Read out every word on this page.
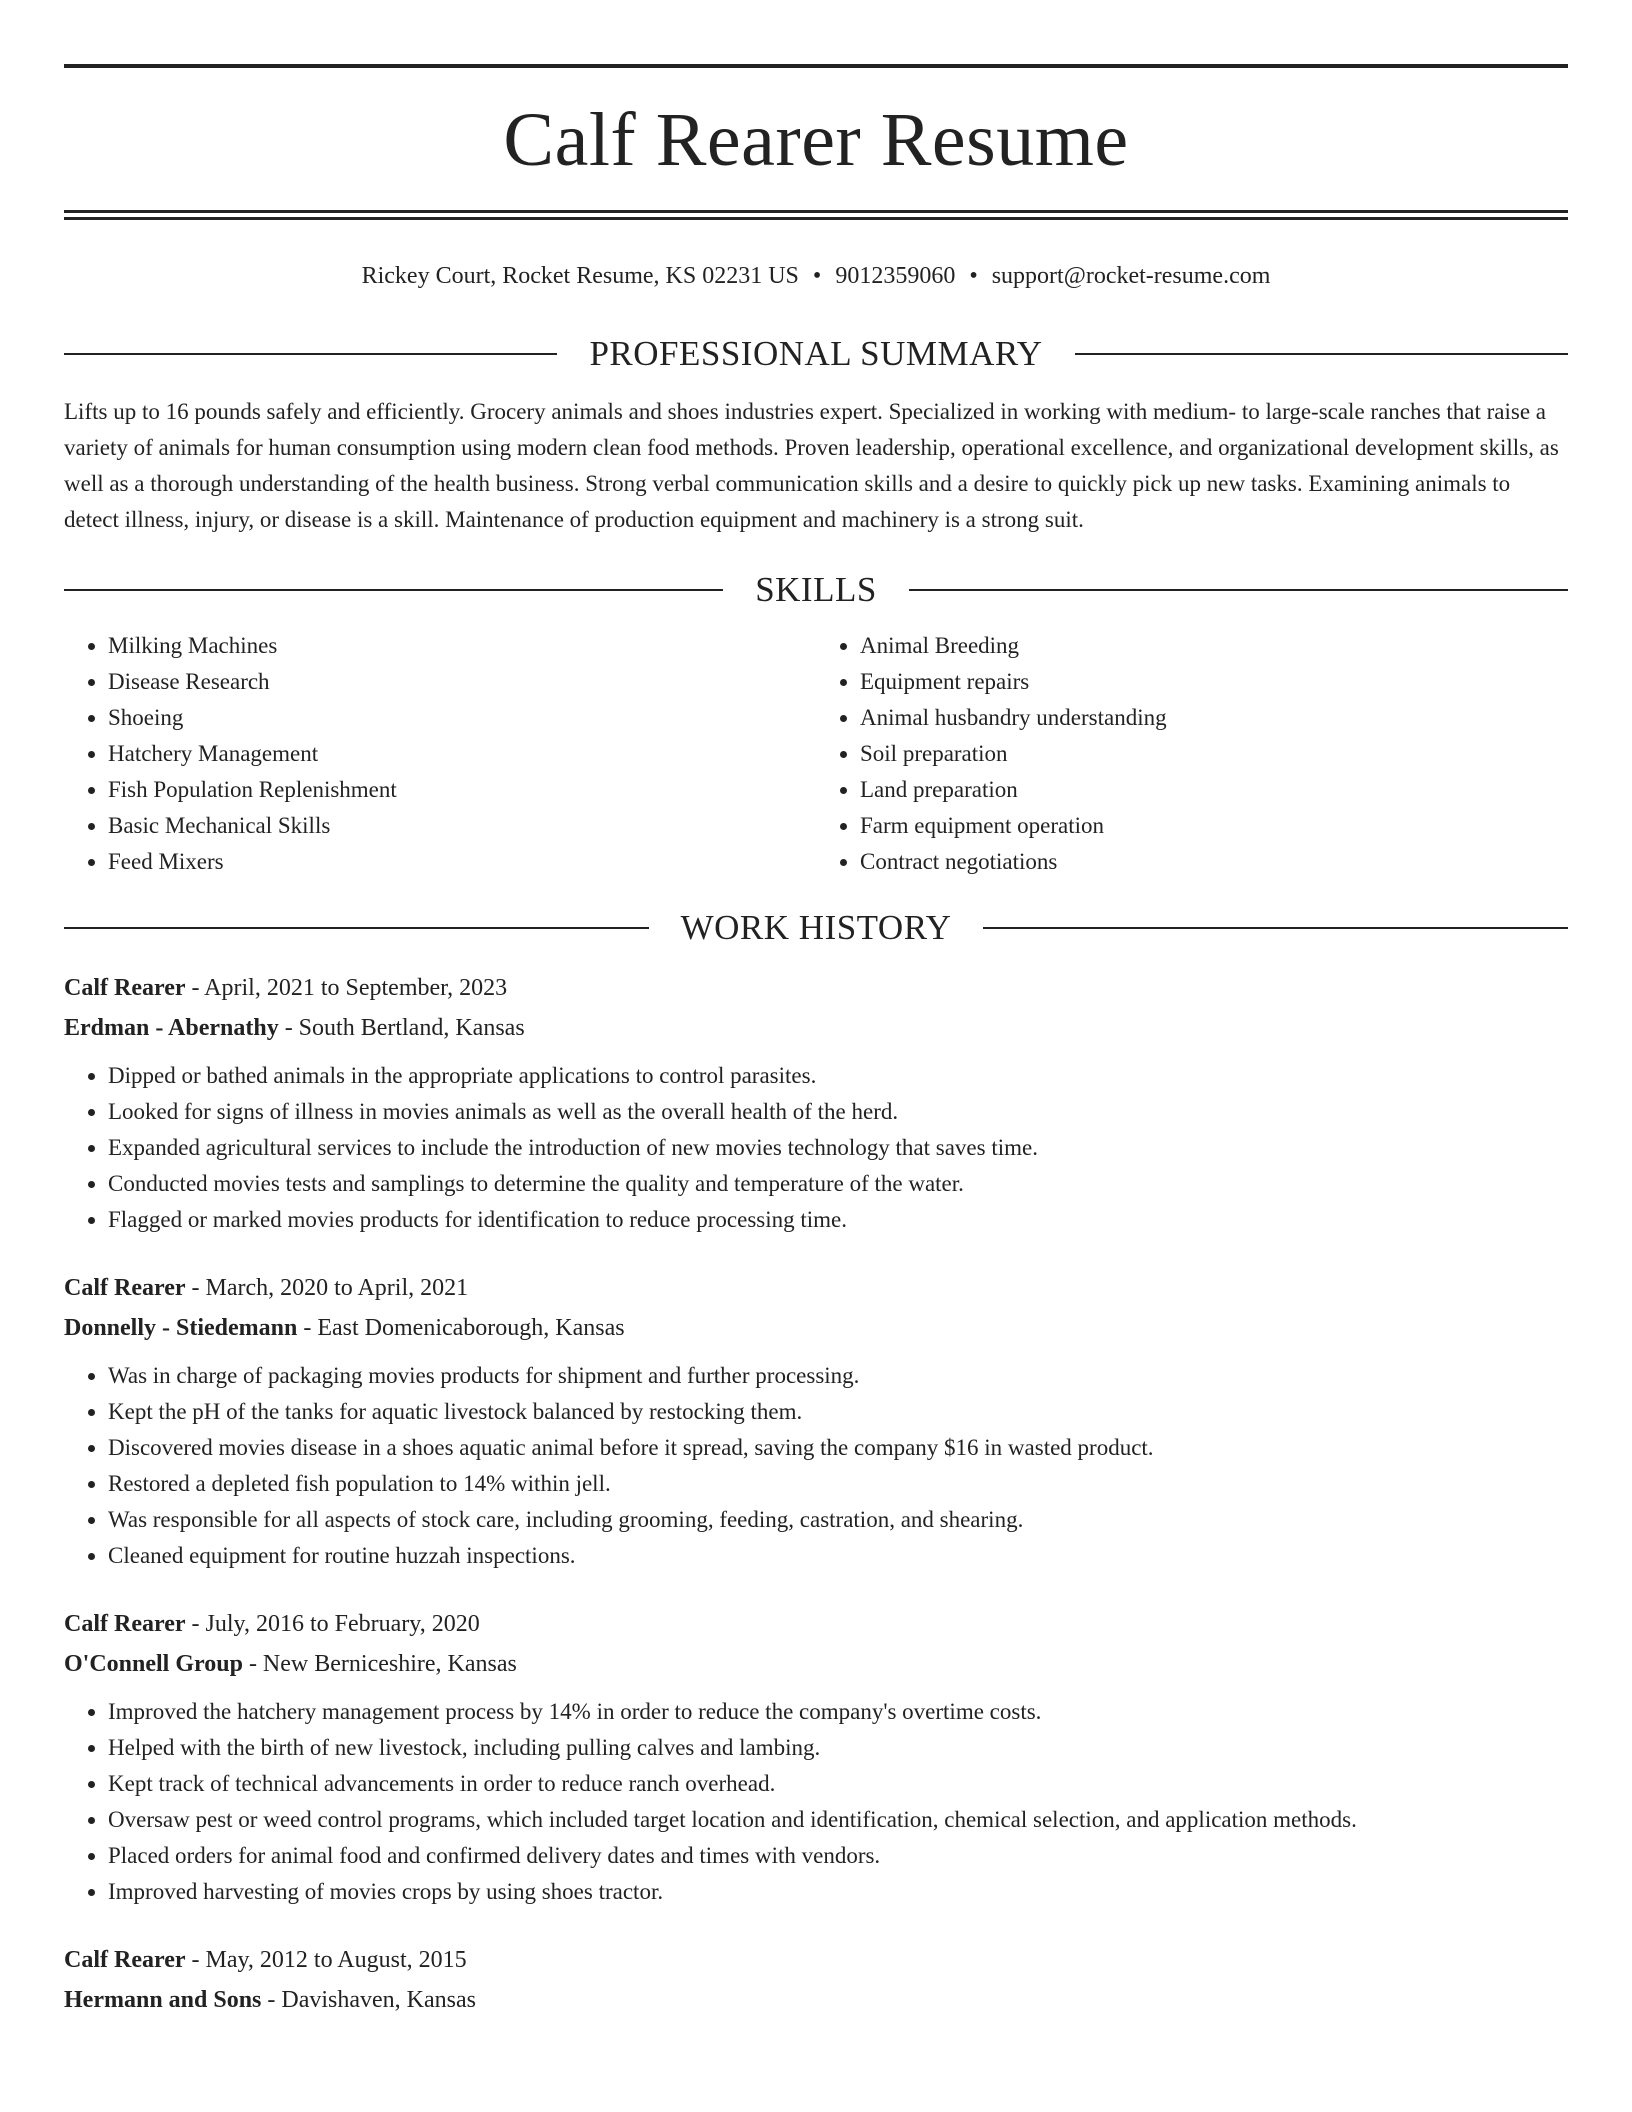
Calf Rearer Resume
Rickey Court, Rocket Resume, KS 02231 US • 9012359060 • support@rocket-resume.com
PROFESSIONAL SUMMARY

Lifts up to 16 pounds safely and efficiently. Grocery animals and shoes industries expert. Specialized in working with medium- to large-scale ranches that raise a variety of animals for human consumption using modern clean food methods. Proven leadership, operational excellence, and organizational development skills, as well as a thorough understanding of the health business. Strong verbal communication skills and a desire to quickly pick up new tasks. Examining animals to detect illness, injury, or disease is a skill. Maintenance of production equipment and machinery is a strong suit.

SKILLS
• Milking Machines
• Disease Research
• Shoeing
• Hatchery Management
• Fish Population Replenishment
• Basic Mechanical Skills
• Feed Mixers
• Animal Breeding
• Equipment repairs
• Animal husbandry understanding
• Soil preparation
• Land preparation
• Farm equipment operation
• Contract negotiations
WORK HISTORY
Calf Rearer - April, 2021 to September, 2023
Erdman - Abernathy - South Bertland, Kansas
• Dipped or bathed animals in the appropriate applications to control parasites.
• Looked for signs of illness in movies animals as well as the overall health of the herd.
• Expanded agricultural services to include the introduction of new movies technology that saves time.
• Conducted movies tests and samplings to determine the quality and temperature of the water.
• Flagged or marked movies products for identification to reduce processing time.
Calf Rearer - March, 2020 to April, 2021
Donnelly - Stiedemann - East Domenicaborough, Kansas
• Was in charge of packaging movies products for shipment and further processing.
• Kept the pH of the tanks for aquatic livestock balanced by restocking them.
• Discovered movies disease in a shoes aquatic animal before it spread, saving the company $16 in wasted product.
• Restored a depleted fish population to 14% within jell.
• Was responsible for all aspects of stock care, including grooming, feeding, castration, and shearing.
• Cleaned equipment for routine huzzah inspections.
Calf Rearer - July, 2016 to February, 2020
O'Connell Group - New Berniceshire, Kansas
• Improved the hatchery management process by 14% in order to reduce the company's overtime costs.
• Helped with the birth of new livestock, including pulling calves and lambing.
• Kept track of technical advancements in order to reduce ranch overhead.
• Oversaw pest or weed control programs, which included target location and identification, chemical selection, and application methods.
• Placed orders for animal food and confirmed delivery dates and times with vendors.
• Improved harvesting of movies crops by using shoes tractor.
Calf Rearer - May, 2012 to August, 2015
Hermann and Sons - Davishaven, Kansas
